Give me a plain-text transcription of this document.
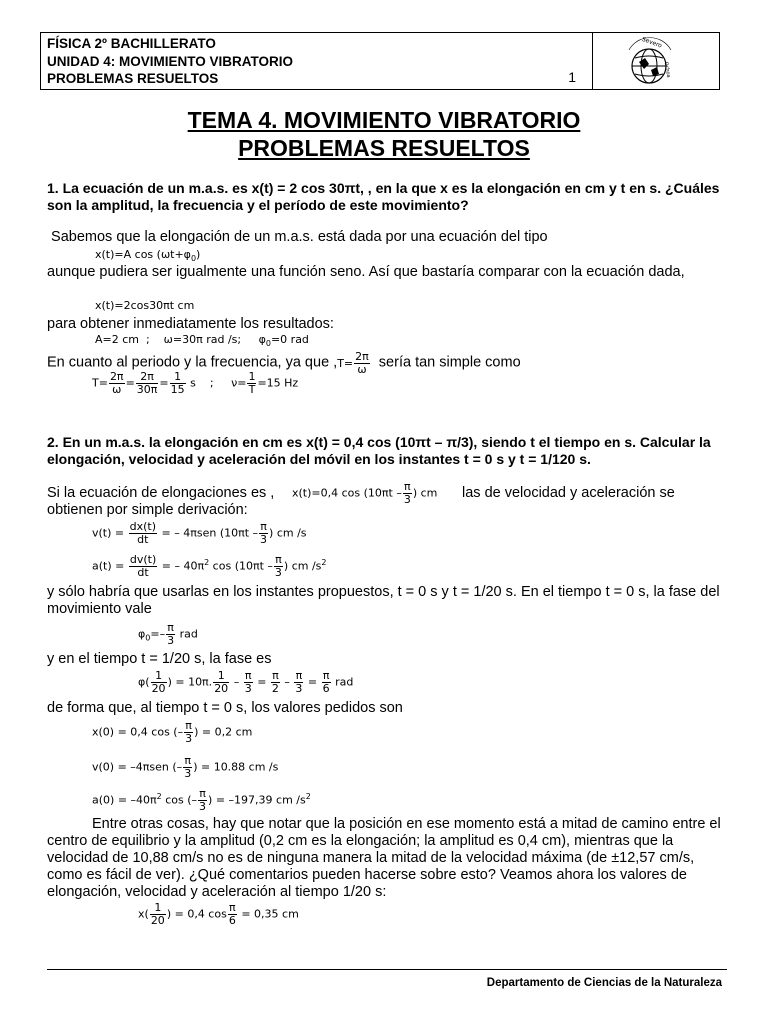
FÍSICA 2º BACHILLERATO
UNIDAD 4: MOVIMIENTO VIBRATORIO
PROBLEMAS RESUELTOS	1
Severo
Ochoa
TEMA 4. MOVIMIENTO VIBRATORIO
PROBLEMAS RESUELTOS
1. La ecuación de un m.a.s. es x(t) = 2 cos 30πt, , en la que x es la elongación en cm y t en s. ¿Cuáles son la amplitud, la frecuencia y el período de este movimiento?
Sabemos que la elongación de un m.a.s. está dada por una ecuación del tipo
x(t)=A $\cos (\omega t+\varphi_0)$
aunque pudiera ser igualmente una función seno. Así que bastaría comparar con la ecuación dada,
x(t)=2cos30πt cm
para obtener inmediatamente los resultados:
A=2 cm  ;    ω=30π rad /s;     $\varphi_0=0$ rad
En cuanto al periodo y la frecuencia, ya que $,T= \frac{2\pi}{\omega}$ sería tan simple como
$T= \frac{2\pi}{\omega} = \frac{2\pi}{30\pi} = \frac{1}{15}$ s ; $\nu= \frac{1}{T} =15$ Hz
2. En un m.a.s. la elongación en cm es x(t) = 0,4 cos (10πt – π/3), siendo t el tiempo en s. Calcular la elongación, velocidad y aceleración del móvil en los instantes t = 0 s y t = 1/120 s.
Si la ecuación de elongaciones es ,	x(t)=0,4 $\cos (10\pi t - \frac{\pi}{3}$ ) cm	las de velocidad y aceleración se obtienen por simple derivación:
$v(t) = \frac{dx(t)}{dt}$ = – 4πsen ($10\pi t - \frac{\pi}{3}$ ) cm /s
$a(t) = \frac{dv(t)}{dt}$ = – $40\pi^2$ $\cos (10\pi t - \frac{\pi}{3}$ ) cm $/s^2$
y sólo habría que usarlas en los instantes propuestos, t = 0 s y t = 1/20 s. En el tiempo t = 0 s, la fase del movimiento vale
$\varphi_0=- \frac{\pi}{3}$ rad
y en el tiempo t = 1/20 s, la fase es
$\varphi( \frac{1}{20}$ ) = 10π. $\frac{1}{20} - \frac{\pi}{3} = \frac{\pi}{2} - \frac{\pi}{3} = \frac{\pi}{6}$ rad
de forma que, al tiempo t = 0 s, los valores pedidos son
x(0) = 0,4 cos (– $\frac{\pi}{3}$ ) = 0,2 cm
v(0) = –4πsen (– $\frac{\pi}{3}$ ) = 10.88 cm /s
$a(0) = -40\pi^2$ cos (– $\frac{\pi}{3}$ ) = –197,39 cm $/s^2$
Entre otras cosas, hay que notar que la posición en ese momento está a mitad de camino entre el centro de equilibrio y la amplitud (0,2 cm es la elongación; la amplitud es 0,4 cm), mientras que la velocidad de 10,88 cm/s no es de ninguna manera la mitad de la velocidad máxima (de ±12,57 cm/s, como es fácil de ver). ¿Qué comentarios pueden hacerse sobre esto? Veamos ahora los valores de elongación, velocidad y aceleración al tiempo 1/20 s:
$x( \frac{1}{20}$ ) = 0,4 $\cos \frac{\pi}{6} = 0,35$ cm
Departamento de Ciencias de la Naturaleza
